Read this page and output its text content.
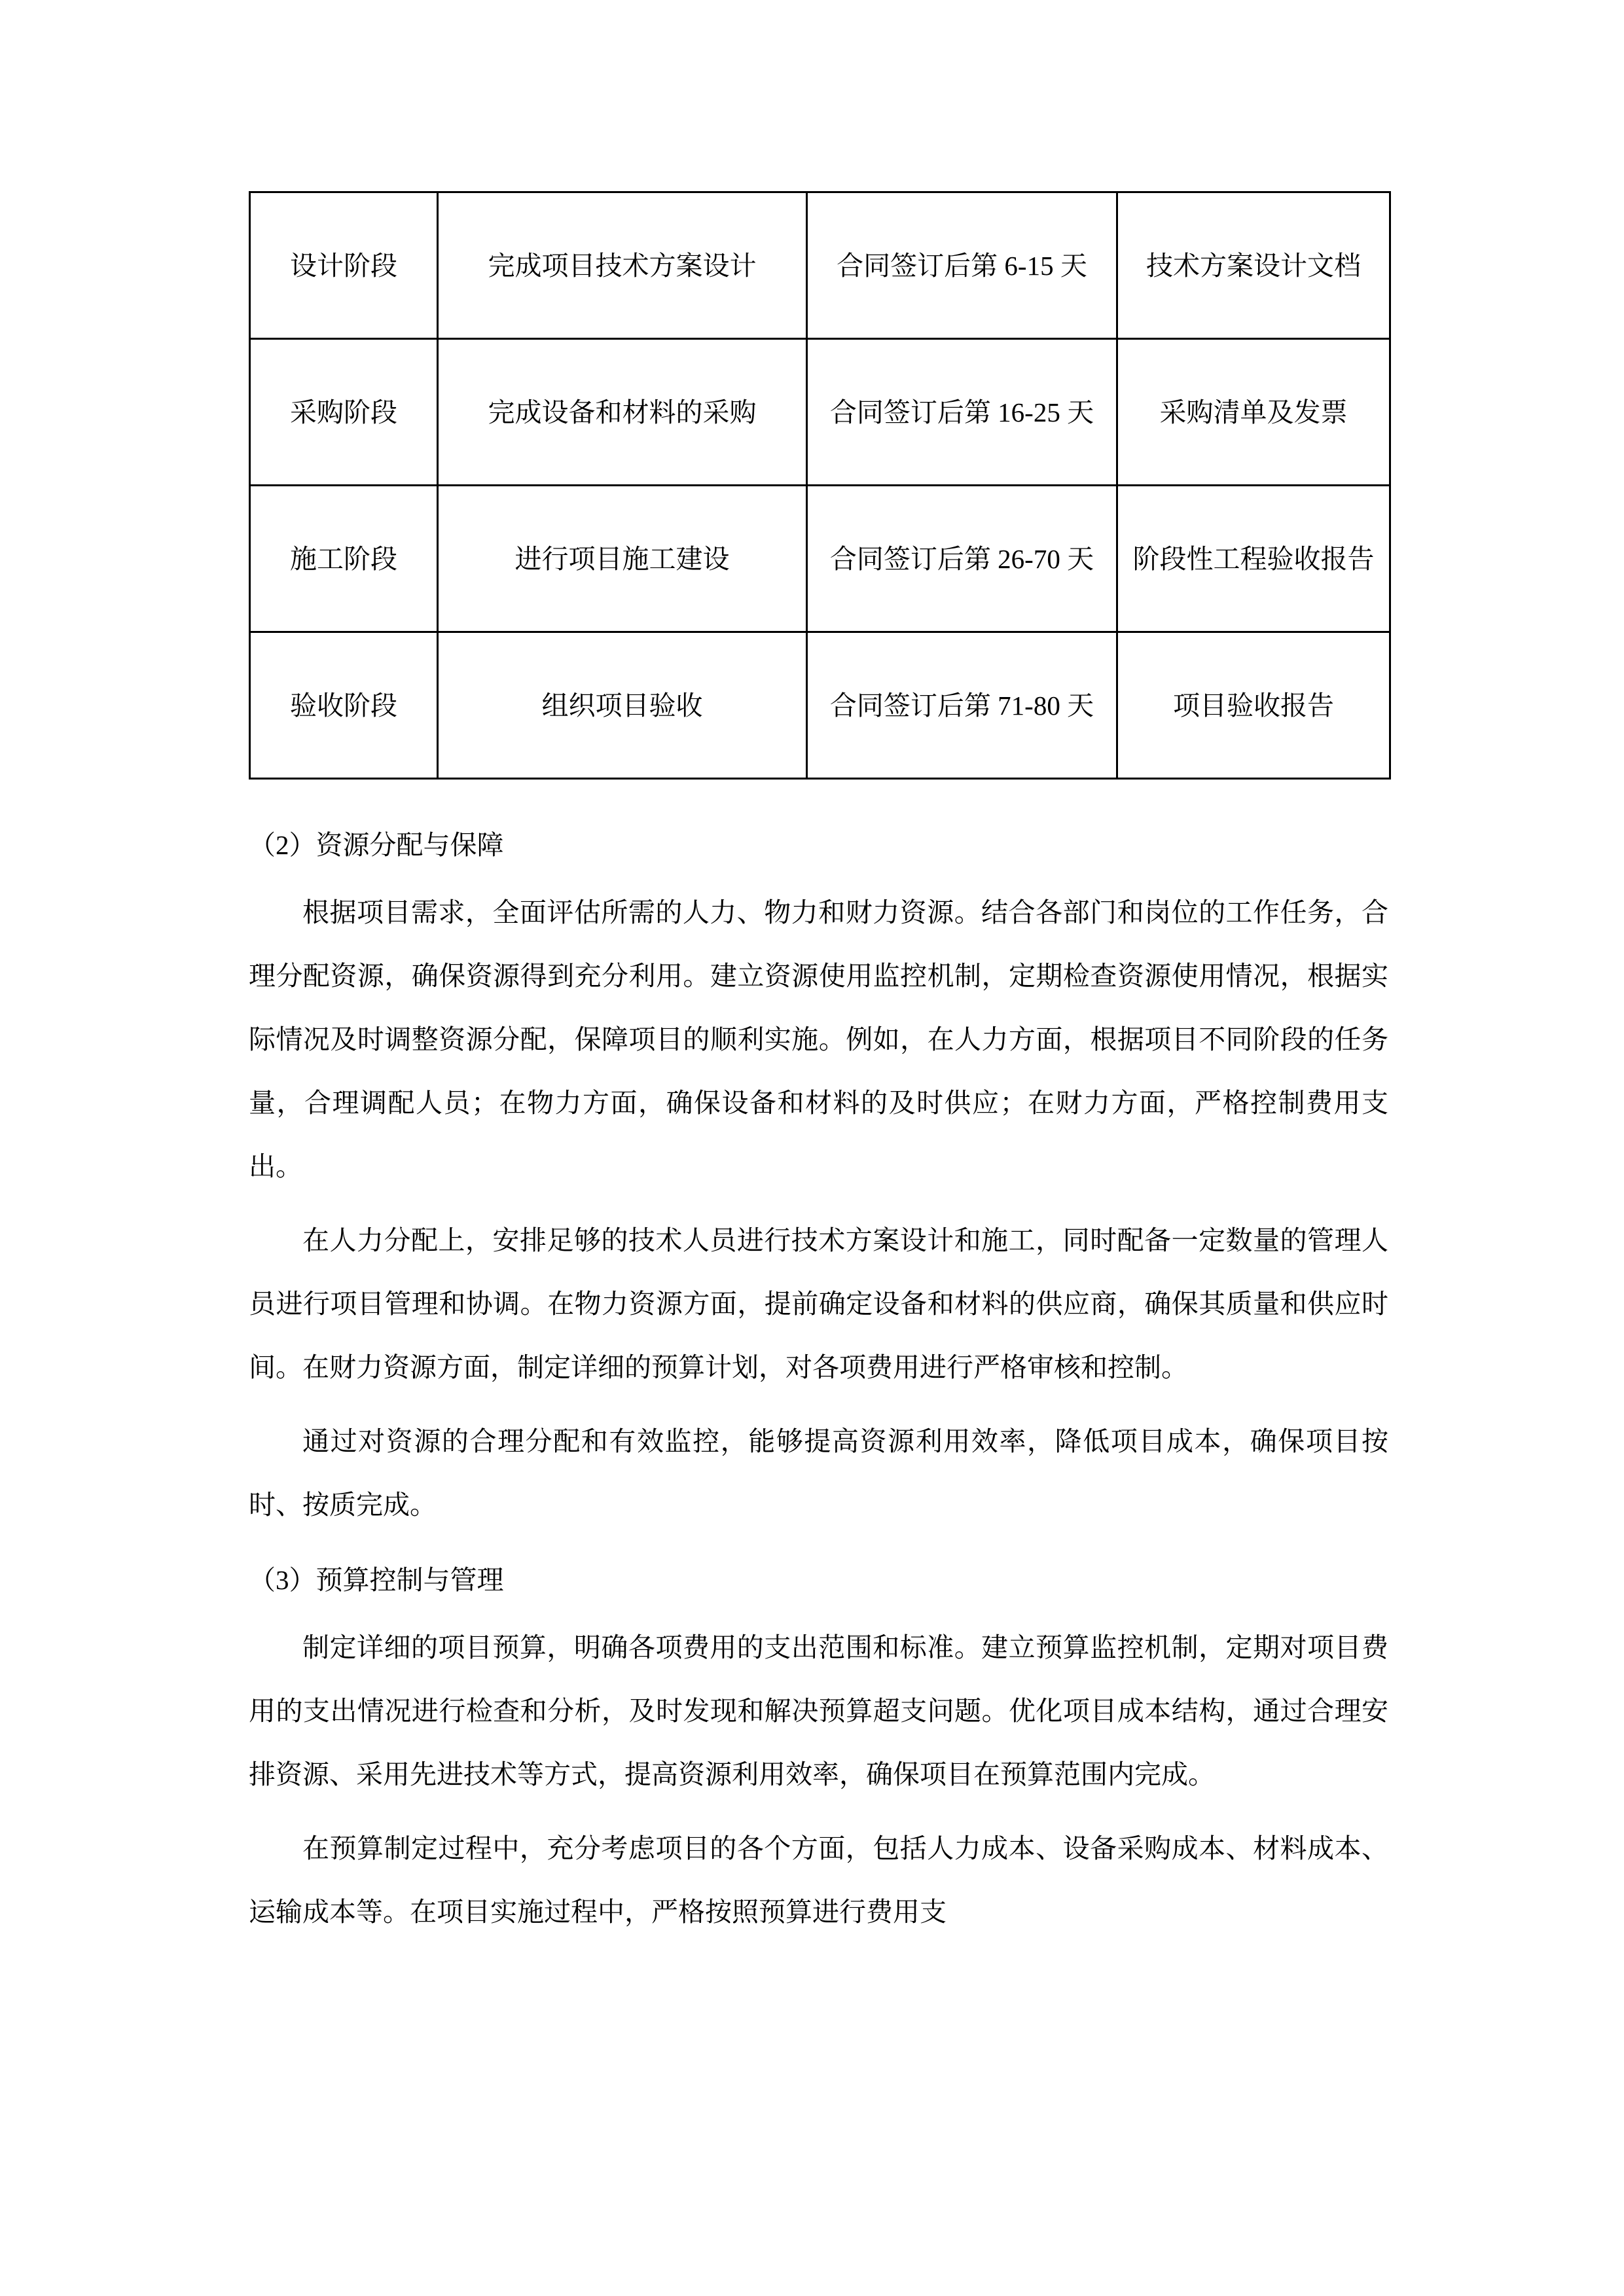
设计阶段	完成项目技术方案设计	合同签订后第 6-15 天	技术方案设计文档
采购阶段	完成设备和材料的采购	合同签订后第 16-25 天	采购清单及发票
施工阶段	进行项目施工建设	合同签订后第 26-70 天	阶段性工程验收报告
验收阶段	组织项目验收	合同签订后第 71-80 天	项目验收报告
（2）资源分配与保障

根据项目需求，全面评估所需的人力、物力和财力资源。结合各部门和岗位的工作任务，合理分配资源，确保资源得到充分利用。建立资源使用监控机制，定期检查资源使用情况，根据实际情况及时调整资源分配，保障项目的顺利实施。例如，在人力方面，根据项目不同阶段的任务量，合理调配人员；在物力方面，确保设备和材料的及时供应；在财力方面，严格控制费用支出。

在人力分配上，安排足够的技术人员进行技术方案设计和施工，同时配备一定数量的管理人员进行项目管理和协调。在物力资源方面，提前确定设备和材料的供应商，确保其质量和供应时间。在财力资源方面，制定详细的预算计划，对各项费用进行严格审核和控制。

通过对资源的合理分配和有效监控，能够提高资源利用效率，降低项目成本，确保项目按时、按质完成。

（3）预算控制与管理

制定详细的项目预算，明确各项费用的支出范围和标准。建立预算监控机制，定期对项目费用的支出情况进行检查和分析，及时发现和解决预算超支问题。优化项目成本结构，通过合理安排资源、采用先进技术等方式，提高资源利用效率，确保项目在预算范围内完成。

在预算制定过程中，充分考虑项目的各个方面，包括人力成本、设备采购成本、材料成本、运输成本等。在项目实施过程中，严格按照预算进行费用支
